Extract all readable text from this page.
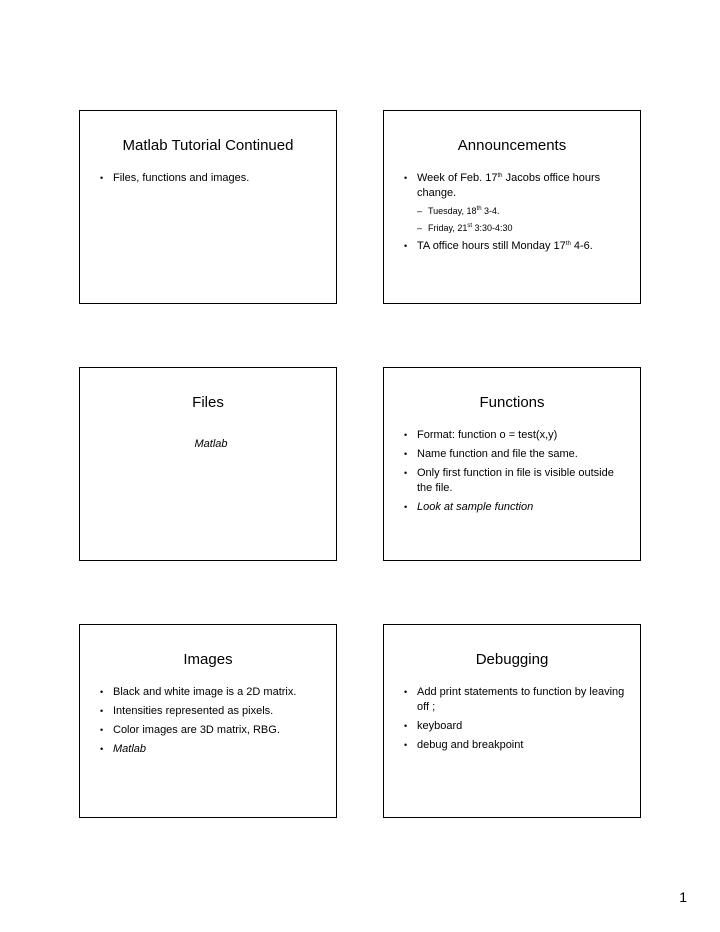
Matlab Tutorial Continued
• Files, functions and images.
Announcements
• Week of Feb. 17th Jacobs office hours change.
– Tuesday, 18th 3-4.
– Friday, 21st 3:30-4:30
• TA office hours still Monday 17th 4-6.
Files
Matlab
Functions
• Format: function o = test(x,y)
• Name function and file the same.
• Only first function in file is visible outside the file.
• Look at sample function
Images
• Black and white image is a 2D matrix.
• Intensities represented as pixels.
• Color images are 3D matrix, RBG.
• Matlab
Debugging
• Add print statements to function by leaving off ;
• keyboard
• debug and breakpoint
1
